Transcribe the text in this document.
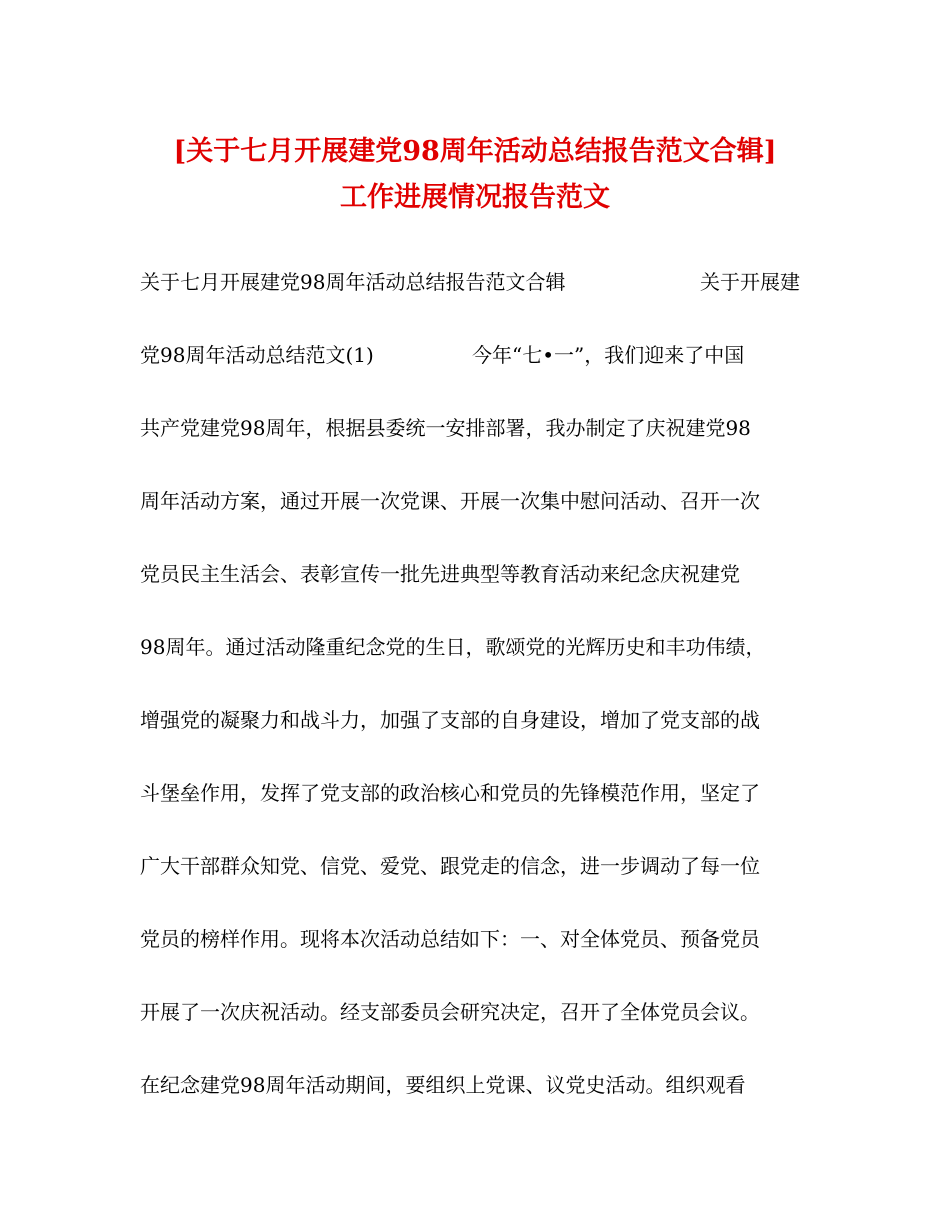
[关于七月开展建党98周年活动总结报告范文合辑]
工作进展情况报告范文
关于七月开展建党98周年活动总结报告范文合辑	关于开展建
党98周年活动总结范文(1)	今年“七•一”，我们迎来了中国
共产党建党98周年，根据县委统一安排部署，我办制定了庆祝建党98
周年活动方案，通过开展一次党课、开展一次集中慰问活动、召开一次
党员民主生活会、表彰宣传一批先进典型等教育活动来纪念庆祝建党
98周年。通过活动隆重纪念党的生日，歌颂党的光辉历史和丰功伟绩，
增强党的凝聚力和战斗力，加强了支部的自身建设，增加了党支部的战
斗堡垒作用，发挥了党支部的政治核心和党员的先锋模范作用，坚定了
广大干部群众知党、信党、爱党、跟党走的信念，进一步调动了每一位
党员的榜样作用。现将本次活动总结如下：一、对全体党员、预备党员
开展了一次庆祝活动。经支部委员会研究决定，召开了全体党员会议。
在纪念建党98周年活动期间，要组织上党课、议党史活动。组织观看
